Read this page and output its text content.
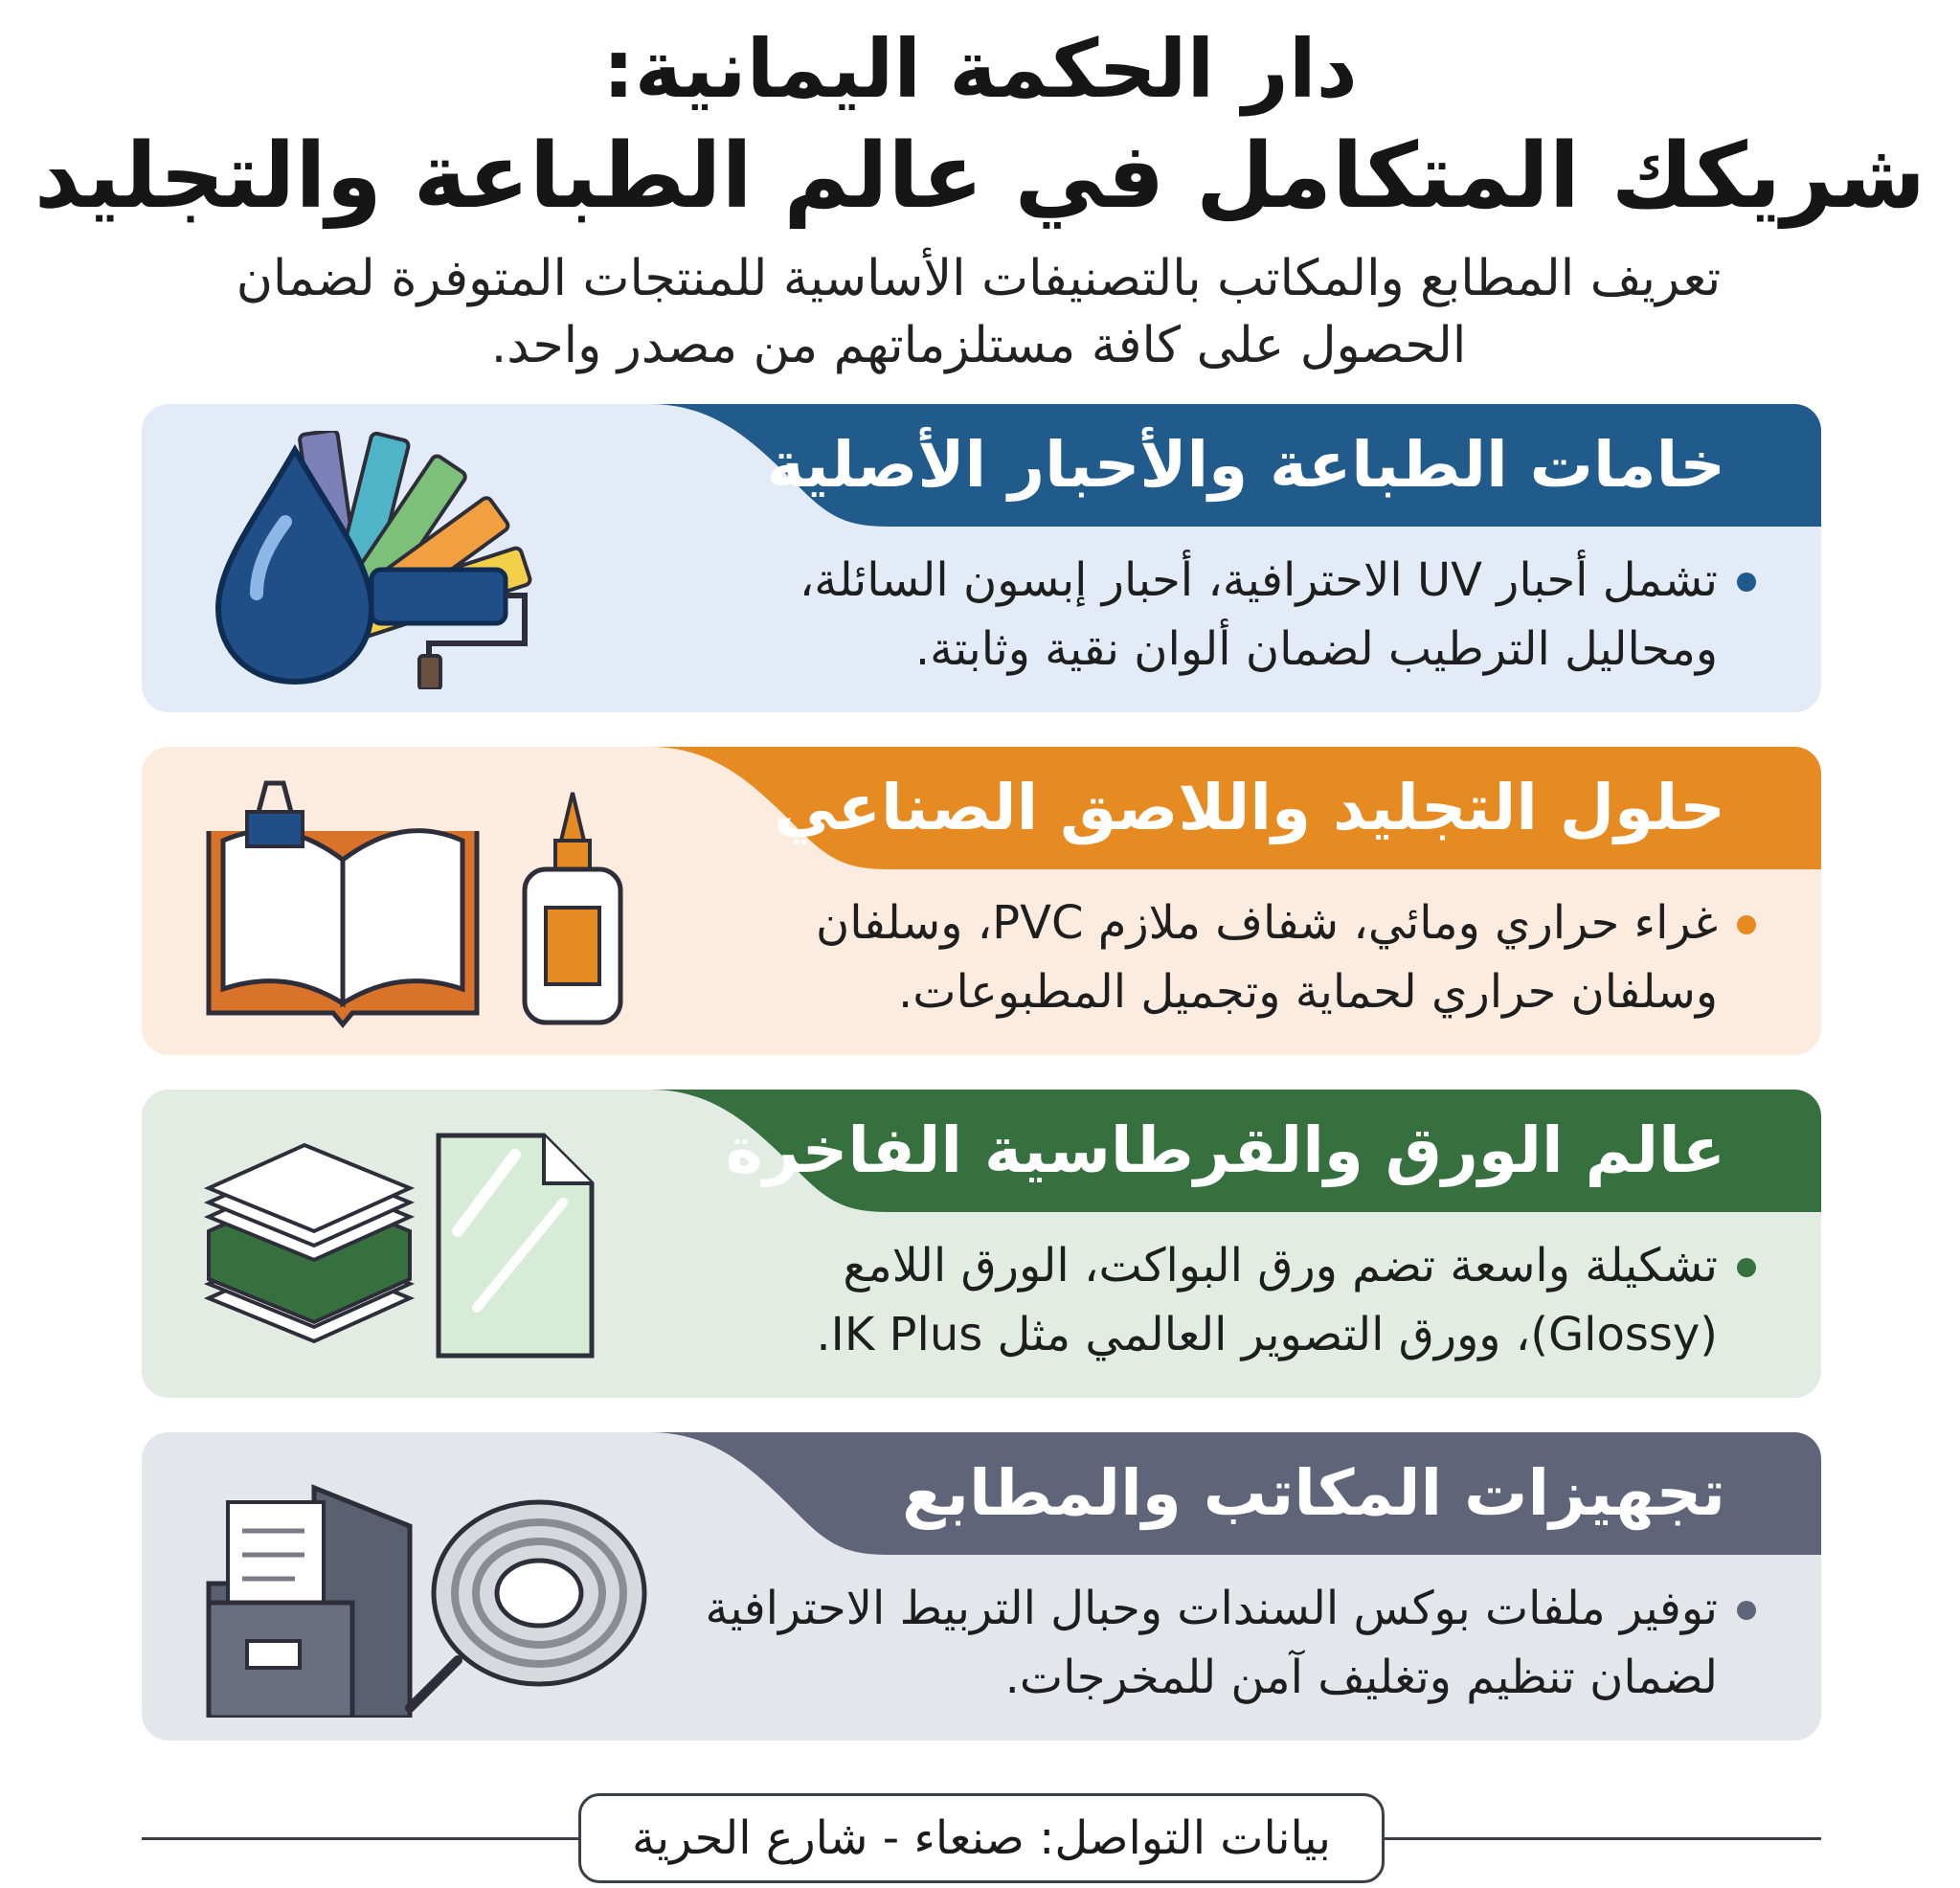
دار الحكمة اليمانية:
شريكك المتكامل في عالم الطباعة والتجليد
تعريف المطابع والمكاتب بالتصنيفات الأساسية للمنتجات المتوفرة لضمان الحصول على كافة مستلزماتهم من مصدر واحد.
خامات الطباعة والأحبار الأصلية
تشمل أحبار UV الاحترافية، أحبار إبسون السائلة، ومحاليل الترطيب لضمان ألوان نقية وثابتة.
حلول التجليد واللاصق الصناعي
غراء حراري ومائي، شفاف ملازم PVC، وسلفان وسلفان حراري لحماية وتجميل المطبوعات.
عالم الورق والقرطاسية الفاخرة
تشكيلة واسعة تضم ورق البواكت، الورق اللامع (Glossy)، وورق التصوير العالمي مثل IK Plus.
تجهيزات المكاتب والمطابع
توفير ملفات بوكس السندات وحبال التربيط الاحترافية لضمان تنظيم وتغليف آمن للمخرجات.
بيانات التواصل: صنعاء - شارع الحرية
